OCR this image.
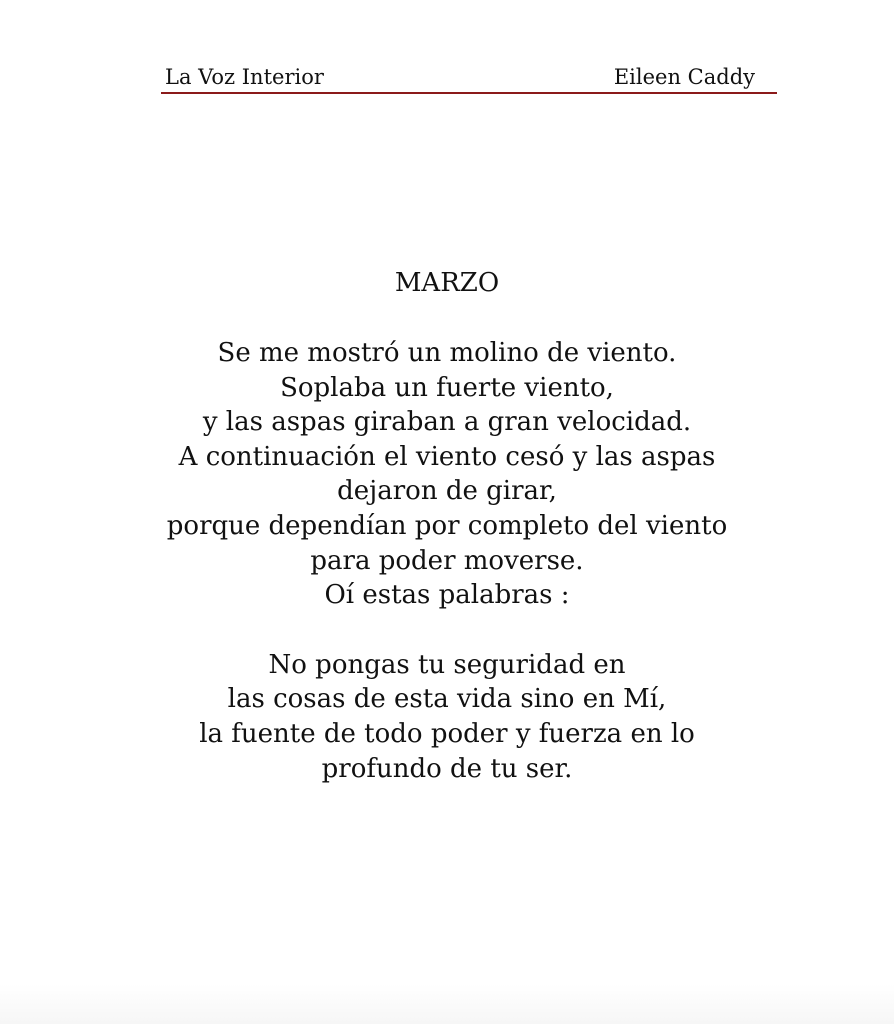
La Voz Interior	Eileen Caddy
MARZO
Se me mostró un molino de viento.
Soplaba un fuerte viento,
y las aspas giraban a gran velocidad.
A continuación el viento cesó y las aspas
dejaron de girar,
porque dependían por completo del viento
para poder moverse.
Oí estas palabras :
No pongas tu seguridad en
las cosas de esta vida sino en Mí,
la fuente de todo poder y fuerza en lo
profundo de tu ser.
